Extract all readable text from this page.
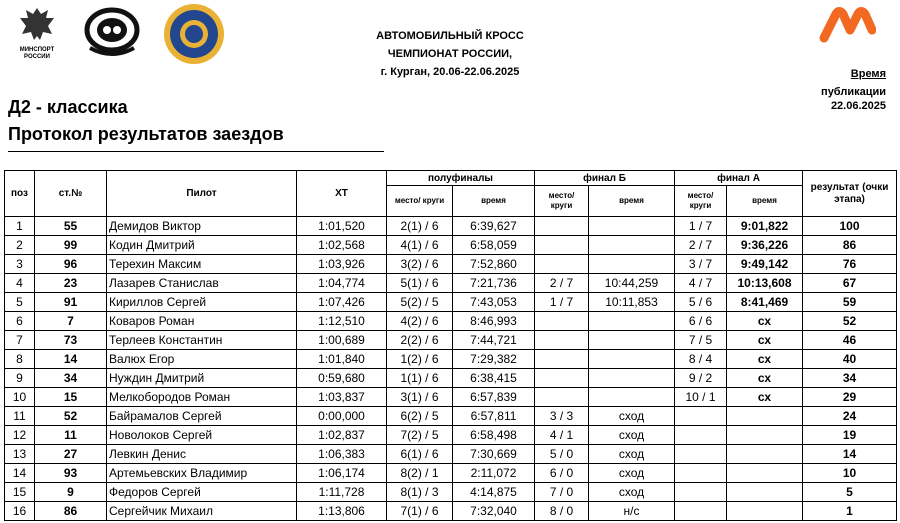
МИНСПОРТ РОССИИ
АВТОМОБИЛЬНЫЙ КРОСС
ЧЕМПИОНАТ РОССИИ,
г. Курган, 20.06-22.06.2025	Время
публикации
22.06.2025
Д2 - классика
Протокол результатов заездов
поз	ст.№	Пилот	XT	полуфиналы		финал Б		финал А		результат (очки этапа)
				место/ круги	время	место/ круги	время	место/ круги	время	
1	55	Демидов Виктор	1:01,520	2(1) / 6	6:39,627			1 / 7	9:01,822	100
2	99	Кодин Дмитрий	1:02,568	4(1) / 6	6:58,059			2 / 7	9:36,226	86
3	96	Терехин Максим	1:03,926	3(2) / 6	7:52,860			3 / 7	9:49,142	76
4	23	Лазарев Станислав	1:04,774	5(1) / 6	7:21,736	2 / 7	10:44,259	4 / 7	10:13,608	67
5	91	Кириллов Сергей	1:07,426	5(2) / 5	7:43,053	1 / 7	10:11,853	5 / 6	8:41,469	59
6	7	Коваров Роман	1:12,510	4(2) / 6	8:46,993			6 / 6	сх	52
7	73	Терлеев Константин	1:00,689	2(2) / 6	7:44,721			7 / 5	сх	46
8	14	Валюх Егор	1:01,840	1(2) / 6	7:29,382			8 / 4	сх	40
9	34	Нуждин Дмитрий	0:59,680	1(1) / 6	6:38,415			9 / 2	сх	34
10	15	Мелкобородов Роман	1:03,837	3(1) / 6	6:57,839			10 / 1	сх	29
11	52	Байрамалов Сергей	0:00,000	6(2) / 5	6:57,811	3 / 3	сход			24
12	11	Новолоков Сергей	1:02,837	7(2) / 5	6:58,498	4 / 1	сход			19
13	27	Левкин Денис	1:06,383	6(1) / 6	7:30,669	5 / 0	сход			14
14	93	Артемьевских Владимир	1:06,174	8(2) / 1	2:11,072	6 / 0	сход			10
15	9	Федоров Сергей	1:11,728	8(1) / 3	4:14,875	7 / 0	сход			5
16	86	Сергейчик Михаил	1:13,806	7(1) / 6	7:32,040	8 / 0	н/с			1
